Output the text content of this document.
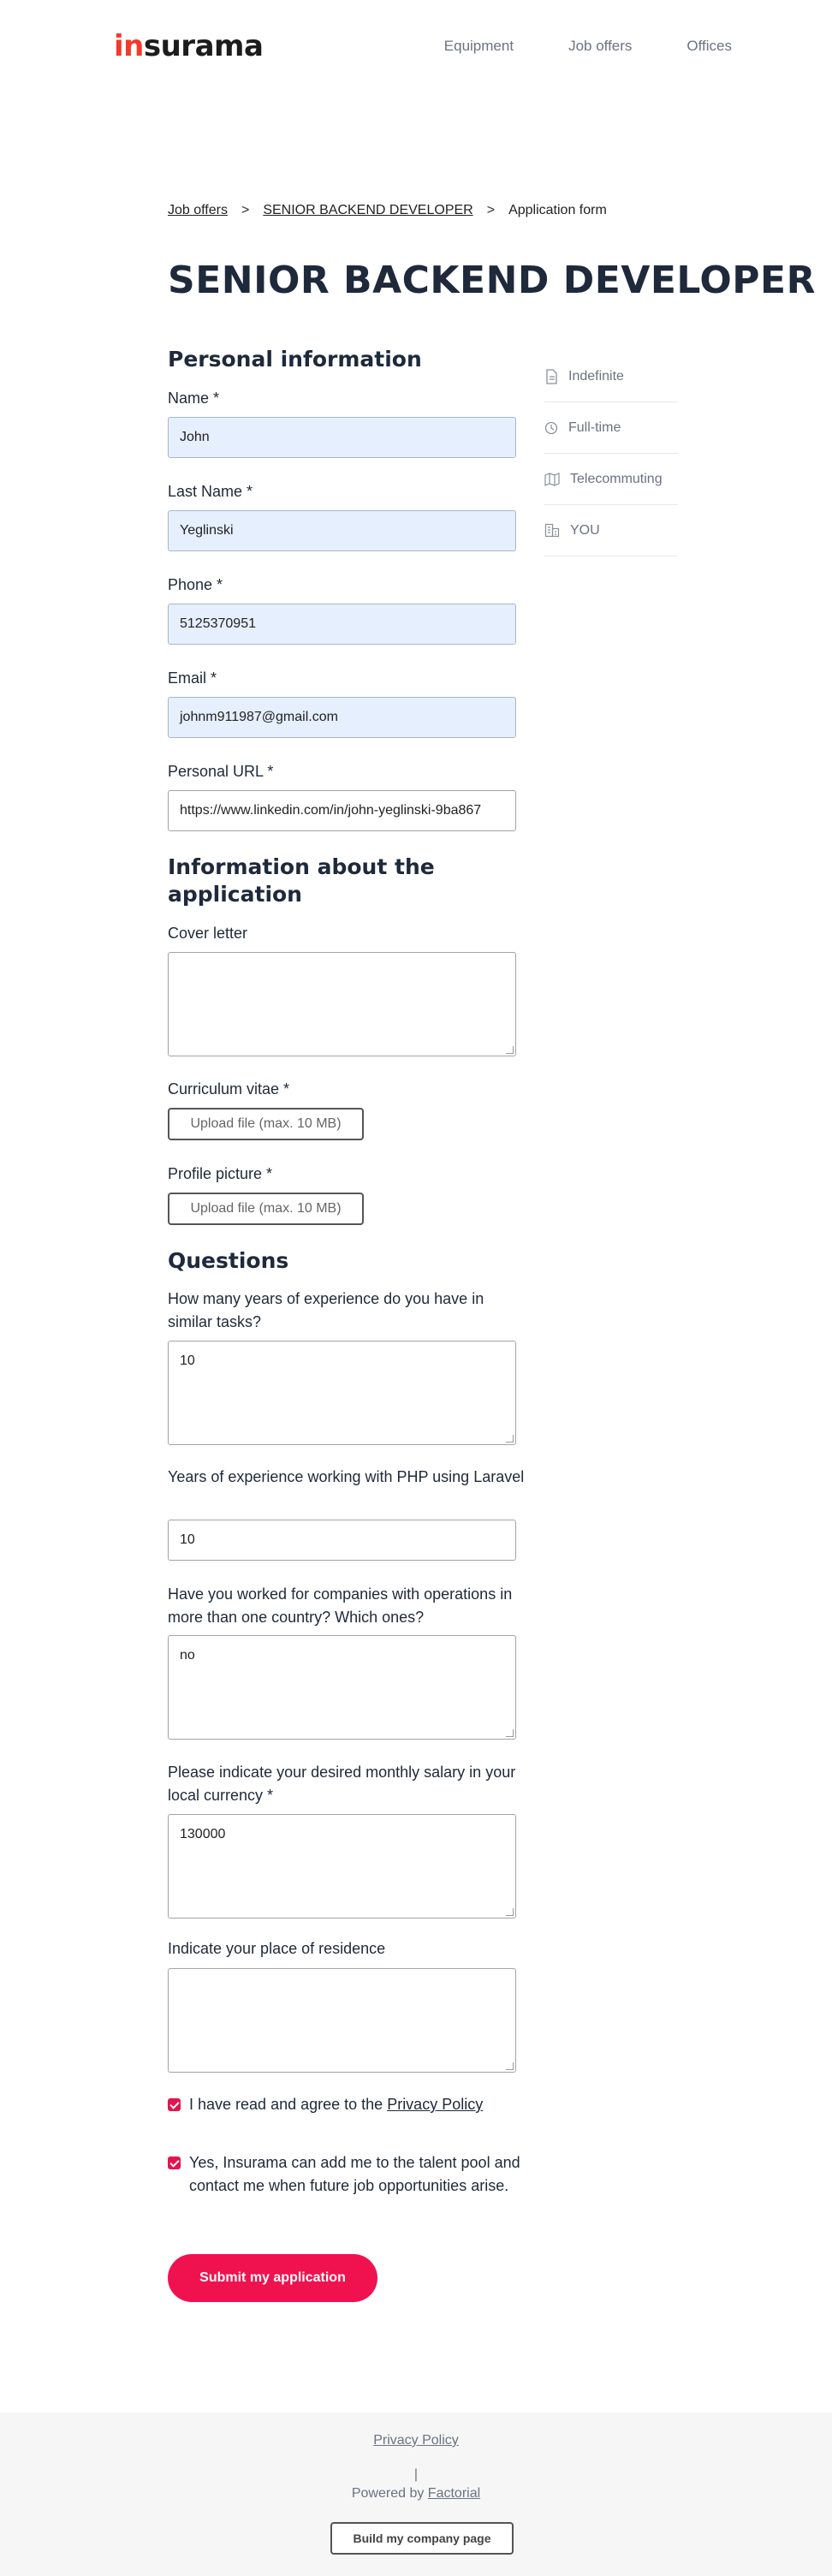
insurama	Equipment	Job offers	Offices
Job offers > SENIOR BACKEND DEVELOPER > Application form
SENIOR BACKEND DEVELOPER
Indefinite
Full-time
Telecommuting
YOU
Personal information
Name *
John
Last Name *
Yeglinski
Phone *
5125370951
Email *
johnm911987@gmail.com
Personal URL *
https://www.linkedin.com/in/john-yeglinski-9ba867
Information about the application
Cover letter
Curriculum vitae *
Upload file (max. 10 MB)
Profile picture *
Upload file (max. 10 MB)
Questions
How many years of experience do you have in similar tasks?
10
Years of experience working with PHP using Laravel
10
Have you worked for companies with operations in more than one country? Which ones?
no
Please indicate your desired monthly salary in your local currency *
130000
Indicate your place of residence
I have read and agree to the Privacy Policy
Yes, Insurama can add me to the talent pool and contact me when future job opportunities arise.
Submit my application
Privacy Policy
|
Powered by Factorial
Build my company page
